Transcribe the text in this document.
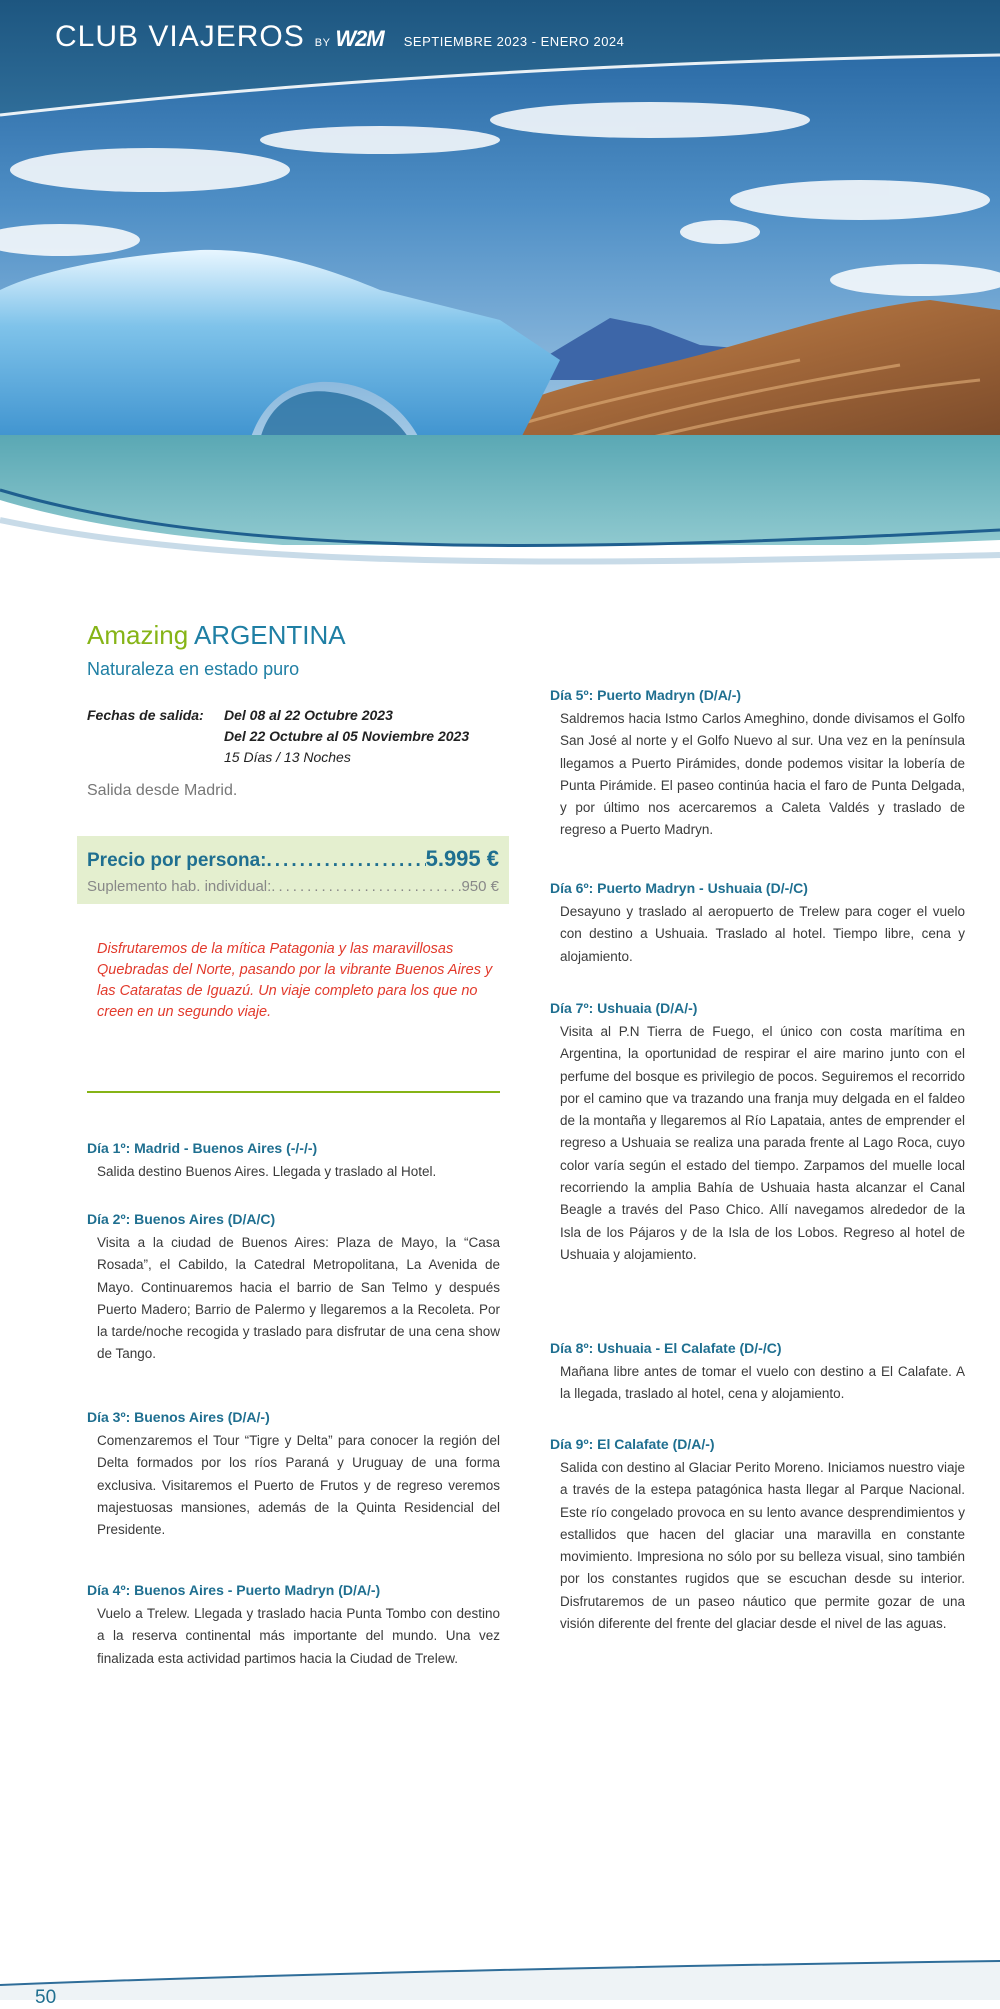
CLUB VIAJEROS BY W2M SEPTIEMBRE 2023 - ENERO 2024
Amazing ARGENTINA
Naturaleza en estado puro
Fechas de salida:	Del 08 al 22 Octubre 2023
Del 22 Octubre al 05 Noviembre 2023
15 Días / 13 Noches
Salida desde Madrid.
Precio por persona: .....	5.995 €
Suplemento hab. individual: .....	950 €
Disfrutaremos de la mítica Patagonia y las maravillosas Quebradas del Norte, pasando por la vibrante Buenos Aires y las Cataratas de Iguazú. Un viaje completo para los que no creen en un segundo viaje.
Día 1º: Madrid - Buenos Aires (-/-/-)
Salida destino Buenos Aires. Llegada y traslado al Hotel.
Día 2º: Buenos Aires (D/A/C)
Visita a la ciudad de Buenos Aires: Plaza de Mayo, la “Casa Rosada”, el Cabildo, la Catedral Metropolitana, La Avenida de Mayo. Continuaremos hacia el barrio de San Telmo y después Puerto Madero; Barrio de Palermo y llegaremos a la Recoleta. Por la tarde/noche recogida y traslado para disfrutar de una cena show de Tango.
Día 3º: Buenos Aires (D/A/-)
Comenzaremos el Tour “Tigre y Delta” para conocer la región del Delta formados por los ríos Paraná y Uruguay de una forma exclusiva. Visitaremos el Puerto de Frutos y de regreso veremos majestuosas mansiones, además de la Quinta Residencial del Presidente.
Día 4º: Buenos Aires - Puerto Madryn (D/A/-)
Vuelo a Trelew. Llegada y traslado hacia Punta Tombo con destino a la reserva continental más importante del mundo. Una vez finalizada esta actividad partimos hacia la Ciudad de Trelew.
Día 5º: Puerto Madryn (D/A/-)
Saldremos hacia Istmo Carlos Ameghino, donde divisamos el Golfo San José al norte y el Golfo Nuevo al sur. Una vez en la península llegamos a Puerto Pirámides, donde podemos visitar la lobería de Punta Pirámide. El paseo continúa hacia el faro de Punta Delgada, y por último nos acercaremos a Caleta Valdés y traslado de regreso a Puerto Madryn.
Día 6º: Puerto Madryn - Ushuaia (D/-/C)
Desayuno y traslado al aeropuerto de Trelew para coger el vuelo con destino a Ushuaia. Traslado al hotel. Tiempo libre, cena y alojamiento.
Día 7º: Ushuaia (D/A/-)
Visita al P.N Tierra de Fuego, el único con costa marítima en Argentina, la oportunidad de respirar el aire marino junto con el perfume del bosque es privilegio de pocos. Seguiremos el recorrido por el camino que va trazando una franja muy delgada en el faldeo de la montaña y llegaremos al Río Lapataia, antes de emprender el regreso a Ushuaia se realiza una parada frente al Lago Roca, cuyo color varía según el estado del tiempo. Zarpamos del muelle local recorriendo la amplia Bahía de Ushuaia hasta alcanzar el Canal Beagle a través del Paso Chico. Allí navegamos alrededor de la Isla de los Pájaros y de la Isla de los Lobos. Regreso al hotel de Ushuaia y alojamiento.
Día 8º: Ushuaia - El Calafate (D/-/C)
Mañana libre antes de tomar el vuelo con destino a El Calafate. A la llegada, traslado al hotel, cena y alojamiento.
Día 9º: El Calafate (D/A/-)
Salida con destino al Glaciar Perito Moreno. Iniciamos nuestro viaje a través de la estepa patagónica hasta llegar al Parque Nacional. Este río congelado provoca en su lento avance desprendimientos y estallidos que hacen del glaciar una maravilla en constante movimiento. Impresiona no sólo por su belleza visual, sino también por los constantes rugidos que se escuchan desde su interior. Disfrutaremos de un paseo náutico que permite gozar de una visión diferente del frente del glaciar desde el nivel de las aguas.
50
